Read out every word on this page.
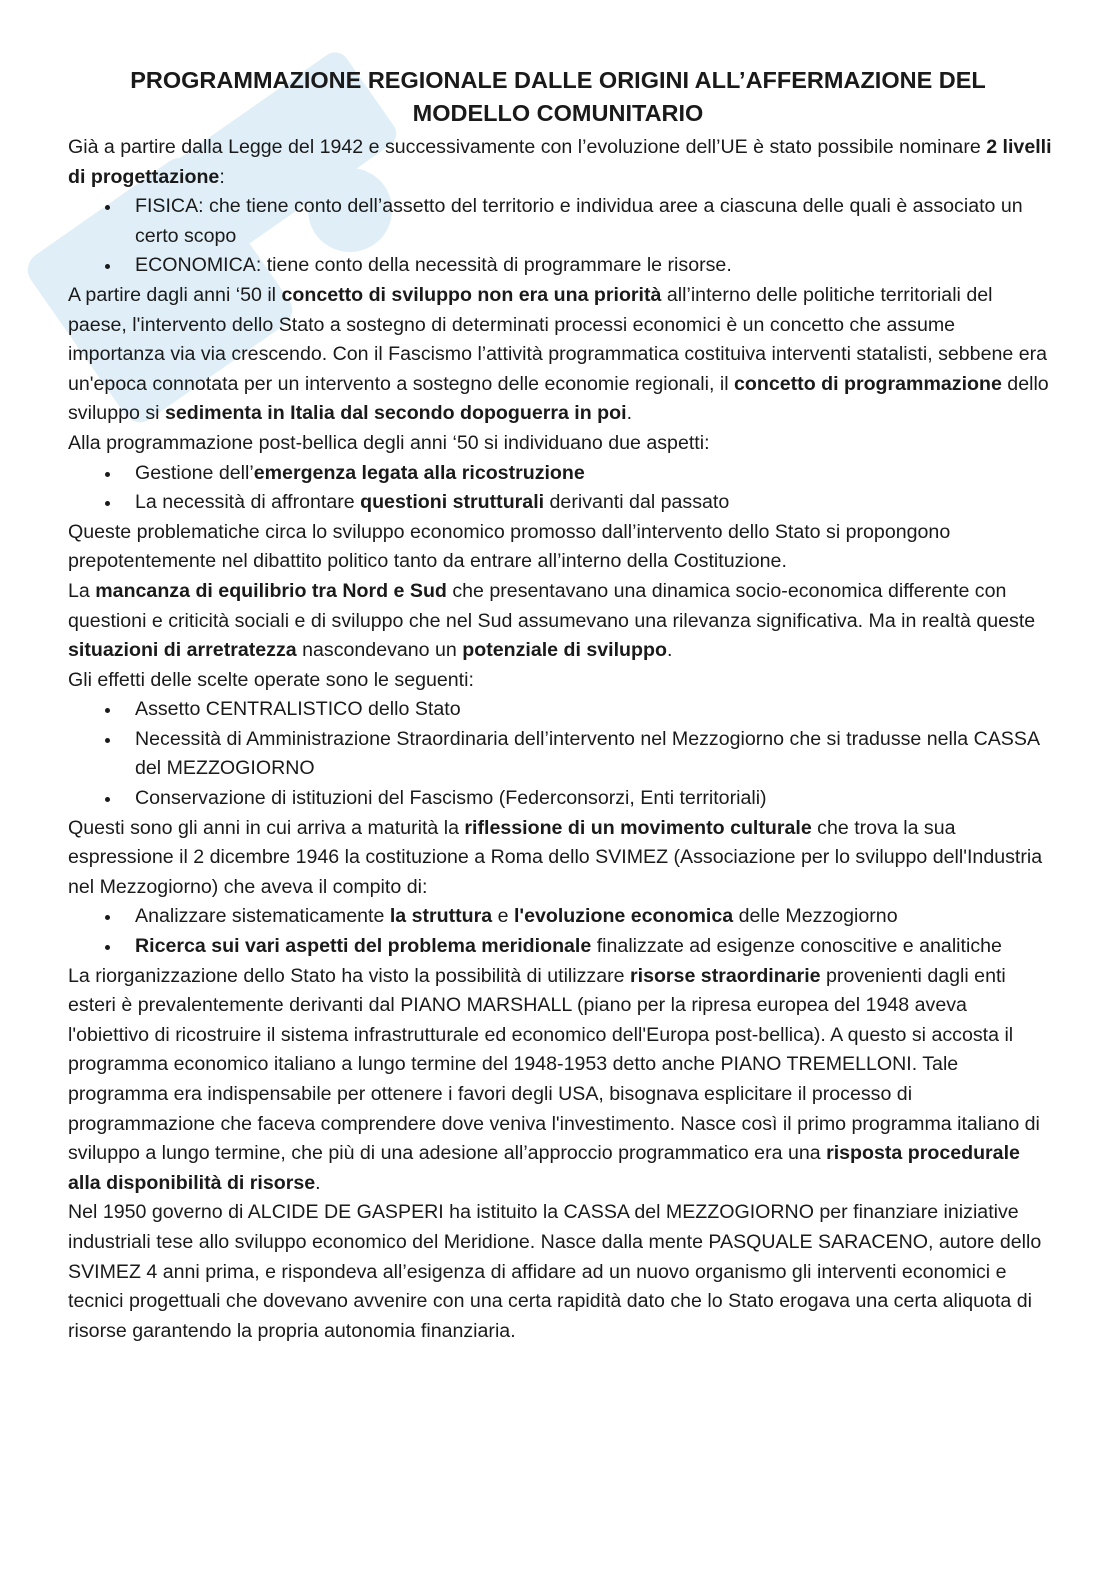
PROGRAMMAZIONE REGIONALE DALLE ORIGINI ALL’AFFERMAZIONE DEL
MODELLO COMUNITARIO

Già a partire dalla Legge del 1942 e successivamente con l’evoluzione dell’UE è stato possibile nominare 2 livelli di progettazione:

FISICA: che tiene conto dell’assetto del territorio e individua aree a ciascuna delle quali è associato un certo scopo
ECONOMICA: tiene conto della necessità di programmare le risorse.

A partire dagli anni ‘50 il concetto di sviluppo non era una priorità all’interno delle politiche territoriali del paese, l'intervento dello Stato a sostegno di determinati processi economici è un concetto che assume importanza via via crescendo. Con il Fascismo l’attività programmatica costituiva interventi statalisti, sebbene era un'epoca connotata per un intervento a sostegno delle economie regionali, il concetto di programmazione dello sviluppo si sedimenta in Italia dal secondo dopoguerra in poi.

Alla programmazione post-bellica degli anni ‘50 si individuano due aspetti:

Gestione dell’emergenza legata alla ricostruzione
La necessità di affrontare questioni strutturali derivanti dal passato

Queste problematiche circa lo sviluppo economico promosso dall’intervento dello Stato si propongono prepotentemente nel dibattito politico tanto da entrare all’interno della Costituzione.

La mancanza di equilibrio tra Nord e Sud che presentavano una dinamica socio-economica differente con questioni e criticità sociali e di sviluppo che nel Sud assumevano una rilevanza significativa. Ma in realtà queste situazioni di arretratezza nascondevano un potenziale di sviluppo.

Gli effetti delle scelte operate sono le seguenti:

Assetto CENTRALISTICO dello Stato
Necessità di Amministrazione Straordinaria dell’intervento nel Mezzogiorno che si tradusse nella CASSA del MEZZOGIORNO
Conservazione di istituzioni del Fascismo (Federconsorzi, Enti territoriali)

Questi sono gli anni in cui arriva a maturità la riflessione di un movimento culturale che trova la sua espressione il 2 dicembre 1946 la costituzione a Roma dello SVIMEZ (Associazione per lo sviluppo dell'Industria nel Mezzogiorno) che aveva il compito di:

Analizzare sistematicamente la struttura e l'evoluzione economica delle Mezzogiorno
Ricerca sui vari aspetti del problema meridionale finalizzate ad esigenze conoscitive e analitiche

La riorganizzazione dello Stato ha visto la possibilità di utilizzare risorse straordinarie provenienti dagli enti esteri è prevalentemente derivanti dal PIANO MARSHALL (piano per la ripresa europea del 1948 aveva l'obiettivo di ricostruire il sistema infrastrutturale ed economico dell'Europa post-bellica). A questo si accosta il programma economico italiano a lungo termine del 1948-1953 detto anche PIANO TREMELLONI. Tale programma era indispensabile per ottenere i favori degli USA, bisognava esplicitare il processo di programmazione che faceva comprendere dove veniva l'investimento. Nasce così il primo programma italiano di sviluppo a lungo termine, che più di una adesione all’approccio programmatico era una risposta procedurale alla disponibilità di risorse.

Nel 1950 governo di ALCIDE DE GASPERI ha istituito la CASSA del MEZZOGIORNO per finanziare iniziative industriali tese allo sviluppo economico del Meridione. Nasce dalla mente PASQUALE SARACENO, autore dello SVIMEZ 4 anni prima, e rispondeva all’esigenza di affidare ad un nuovo organismo gli interventi economici e tecnici progettuali che dovevano avvenire con una certa rapidità dato che lo Stato erogava una certa aliquota di risorse garantendo la propria autonomia finanziaria.
